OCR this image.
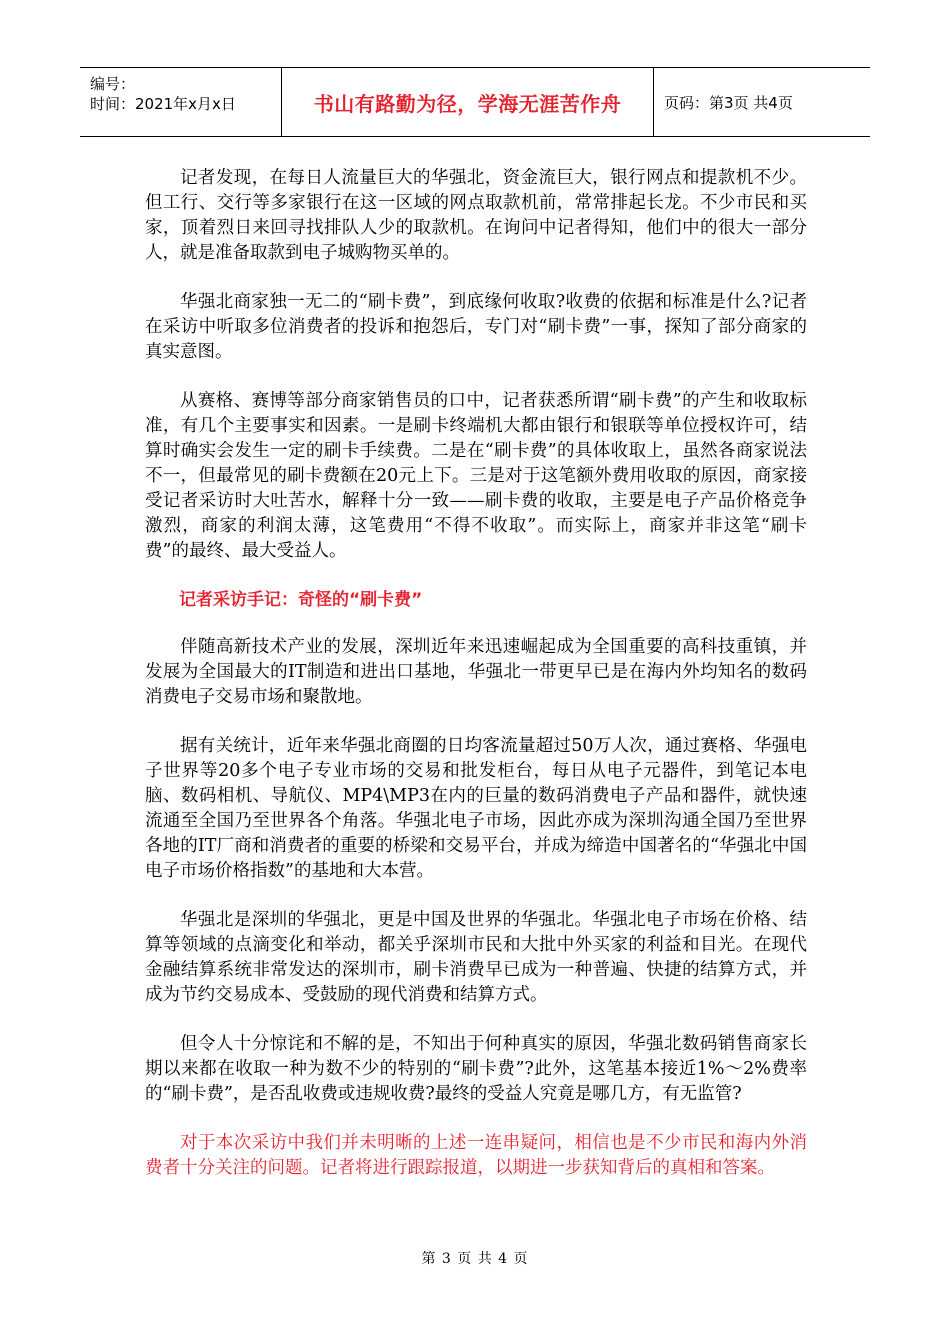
编号：
时间：2021年x月x日	书山有路勤为径，学海无涯苦作舟	页码：第3页 共4页

记者发现，在每日人流量巨大的华强北，资金流巨大，银行网点和提款机不少。但工行、交行等多家银行在这一区域的网点取款机前，常常排起长龙。不少市民和买家，顶着烈日来回寻找排队人少的取款机。在询问中记者得知，他们中的很大一部分人，就是准备取款到电子城购物买单的。

华强北商家独一无二的“刷卡费”，到底缘何收取?收费的依据和标准是什么?记者在采访中听取多位消费者的投诉和抱怨后，专门对“刷卡费”一事，探知了部分商家的真实意图。

从赛格、赛博等部分商家销售员的口中，记者获悉所谓“刷卡费”的产生和收取标准，有几个主要事实和因素。一是刷卡终端机大都由银行和银联等单位授权许可，结算时确实会发生一定的刷卡手续费。二是在“刷卡费”的具体收取上，虽然各商家说法不一，但最常见的刷卡费额在20元上下。三是对于这笔额外费用收取的原因，商家接受记者采访时大吐苦水，解释十分一致——刷卡费的收取，主要是电子产品价格竞争激烈，商家的利润太薄，这笔费用“不得不收取”。而实际上，商家并非这笔“刷卡费”的最终、最大受益人。

记者采访手记：奇怪的“刷卡费”

伴随高新技术产业的发展，深圳近年来迅速崛起成为全国重要的高科技重镇，并发展为全国最大的IT制造和进出口基地，华强北一带更早已是在海内外均知名的数码消费电子交易市场和聚散地。

据有关统计，近年来华强北商圈的日均客流量超过50万人次，通过赛格、华强电子世界等20多个电子专业市场的交易和批发柜台，每日从电子元器件，到笔记本电脑、数码相机、导航仪、MP4\MP3在内的巨量的数码消费电子产品和器件，就快速流通至全国乃至世界各个角落。华强北电子市场，因此亦成为深圳沟通全国乃至世界各地的IT厂商和消费者的重要的桥梁和交易平台，并成为缔造中国著名的“华强北中国电子市场价格指数”的基地和大本营。

华强北是深圳的华强北，更是中国及世界的华强北。华强北电子市场在价格、结算等领域的点滴变化和举动，都关乎深圳市民和大批中外买家的利益和目光。在现代金融结算系统非常发达的深圳市，刷卡消费早已成为一种普遍、快捷的结算方式，并成为节约交易成本、受鼓励的现代消费和结算方式。

但令人十分惊诧和不解的是，不知出于何种真实的原因，华强北数码销售商家长期以来都在收取一种为数不少的特别的“刷卡费”?此外，这笔基本接近1%～2%费率的“刷卡费”，是否乱收费或违规收费?最终的受益人究竟是哪几方，有无监管?

对于本次采访中我们并未明晰的上述一连串疑问，相信也是不少市民和海内外消费者十分关注的问题。记者将进行跟踪报道，以期进一步获知背后的真相和答案。

第 3 页 共 4 页
